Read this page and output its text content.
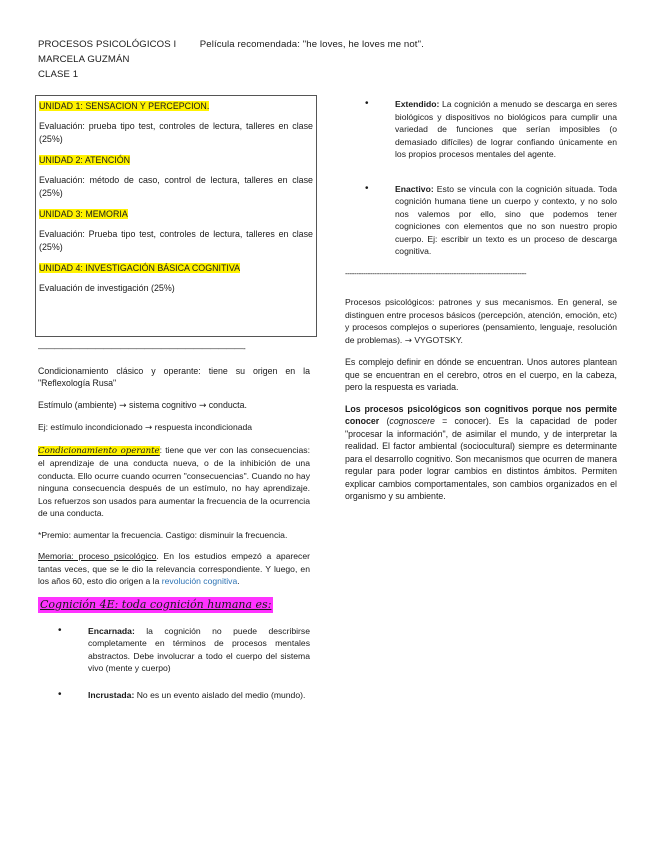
PROCESOS PSICOLÓGICOS I Película recomendada: "he loves, he loves me not".
MARCELA GUZMÁN
CLASE 1
UNIDAD 1: SENSACION Y PERCEPCION.
Evaluación: prueba tipo test, controles de lectura, talleres en clase (25%)
UNIDAD 2: ATENCIÓN
Evaluación: método de caso, control de lectura, talleres en clase (25%)
UNIDAD 3: MEMORIA
Evaluación: Prueba tipo test, controles de lectura, talleres en clase (25%)
UNIDAD 4: INVESTIGACIÓN BÁSICA COGNITIVA
Evaluación de investigación (25%)

—————————————————————————-

Condicionamiento clásico y operante: tiene su origen en la "Reflexología Rusa"

Estímulo (ambiente) → sistema cognitivo → conducta.

Ej: estímulo incondicionado → respuesta incondicionada

Condicionamiento operante: tiene que ver con las consecuencias: el aprendizaje de una conducta nueva, o de la inhibición de una conducta. Ello ocurre cuando ocurren "consecuencias". Cuando no hay ninguna consecuencia después de un estímulo, no hay aprendizaje. Los refuerzos son usados para aumentar la frecuencia de la ocurrencia de una conducta.

*Premio: aumentar la frecuencia. Castigo: disminuir la frecuencia.

Memoria: proceso psicológico. En los estudios empezó a aparecer tantas veces, que se le dio la relevancia correspondiente. Y luego, en los años 60, esto dio origen a la revolución cognitiva.

Cognición 4E: toda cognición humana es:

•	Encarnada: la cognición no puede describirse completamente en términos de procesos mentales abstractos. Debe involucrar a todo el cuerpo del sistema vivo (mente y cuerpo)
•	Incrustada: No es un evento aislado del medio (mundo).
•	Extendido: La cognición a menudo se descarga en seres biológicos y dispositivos no biológicos para cumplir una variedad de funciones que serían imposibles (o demasiado difíciles) de lograr confiando únicamente en los propios procesos mentales del agente.
•	Enactivo: Esto se vincula con la cognición situada. Toda cognición humana tiene un cuerpo y contexto, y no solo nos valemos por ello, sino que podemos tener cogniciones con elementos que no son nuestro propio cuerpo. Ej: escribir un texto es un proceso de descarga cognitiva.

--------------------------------------------------------------------------------

Procesos psicológicos: patrones y sus mecanismos. En general, se distinguen entre procesos básicos (percepción, atención, emoción, etc) y procesos complejos o superiores (pensamiento, lenguaje, resolución de problemas). → VYGOTSKY.

Es complejo definir en dónde se encuentran. Unos autores plantean que se encuentran en el cerebro, otros en el cuerpo, en la cabeza, pero la respuesta es variada.

Los procesos psicológicos son cognitivos porque nos permite conocer (cognoscere = conocer). Es la capacidad de poder "procesar la información", de asimilar el mundo, y de interpretar la realidad. El factor ambiental (sociocultural) siempre es determinante para el desarrollo cognitivo. Son mecanismos que ocurren de manera regular para poder lograr cambios en distintos ámbitos. Permiten explicar cambios comportamentales, son cambios organizados en el organismo y su ambiente.
